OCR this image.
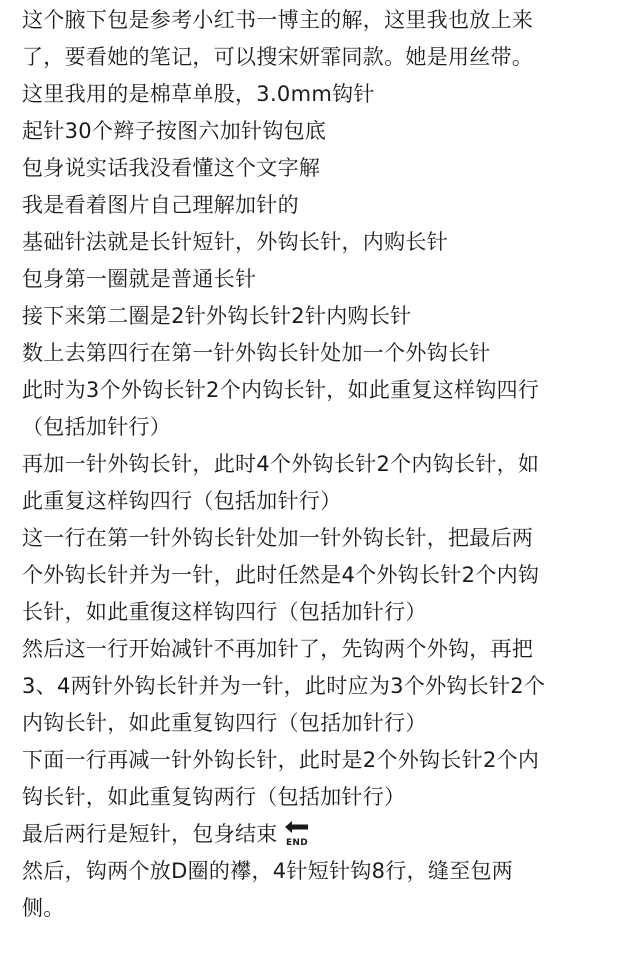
这个腋下包是参考小红书一博主的解，这里我也放上来
了，要看她的笔记，可以搜宋妍霏同款。她是用丝带。
这里我用的是棉草单股，3.0mm钩针
起针30个辫子按图六加针钩包底
包身说实话我没看懂这个文字解
我是看着图片自己理解加针的
基础针法就是长针短针，外钩长针，内购长针
包身第一圈就是普通长针
接下来第二圈是2针外钩长针2针内购长针
数上去第四行在第一针外钩长针处加一个外钩长针
此时为3个外钩长针2个内钩长针，如此重复这样钩四行
（包括加针行）
再加一针外钩长针，此时4个外钩长针2个内钩长针，如
此重复这样钩四行（包括加针行）
这一行在第一针外钩长针处加一针外钩长针，把最后两
个外钩长针并为一针，此时任然是4个外钩长针2个内钩
长针，如此重復这样钩四行（包括加针行）
然后这一行开始减针不再加针了，先钩两个外钩，再把
3、4两针外钩长针并为一针，此时应为3个外钩长针2个
内钩长针，如此重复钩四行（包括加针行）
下面一行再减一针外钩长针，此时是2个外钩长针2个内
钩长针，如此重复钩两行（包括加针行）
最后两行是短针，包身结束 END
然后，钩两个放D圈的襻，4针短针钩8行，缝至包两
侧。
